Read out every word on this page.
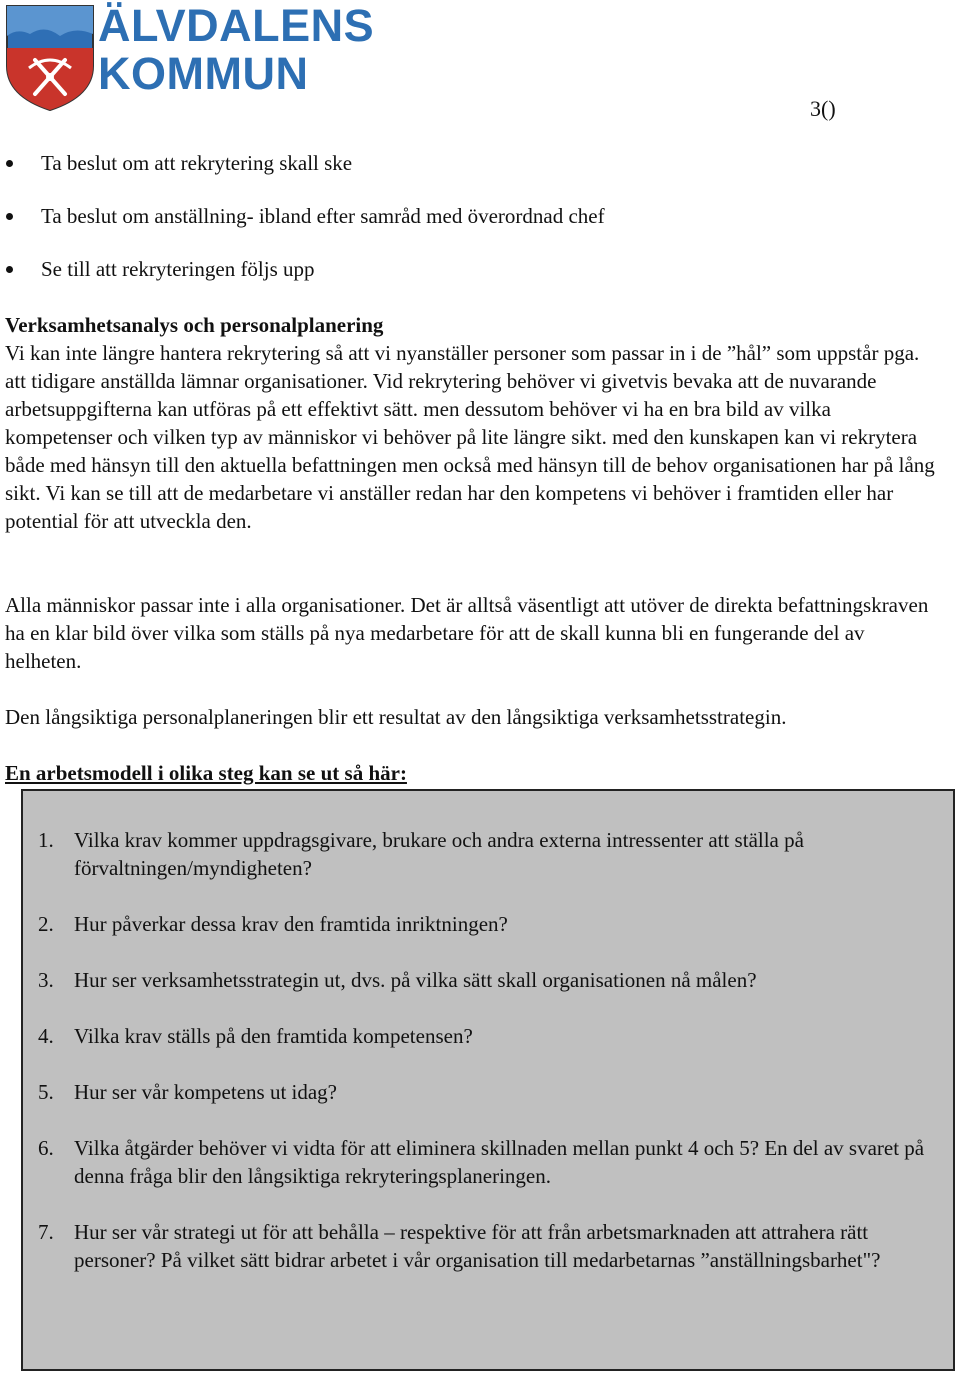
ÄLVDALENS
KOMMUN
3()
Ta beslut om att rekrytering skall ske
Ta beslut om anställning- ibland efter samråd med överordnad chef
Se till att rekryteringen följs upp
Verksamhetsanalys och personalplanering
Vi kan inte längre hantera rekrytering så att vi nyanställer personer som passar in i de ”hål” som uppstår pga. att tidigare anställda lämnar organisationer. Vid rekrytering behöver vi givetvis bevaka att de nuvarande arbetsuppgifterna kan utföras på ett effektivt sätt. men dessutom behöver vi ha en bra bild av vilka kompetenser och vilken typ av människor vi behöver på lite längre sikt. med den kunskapen kan vi rekrytera både med hänsyn till den aktuella befattningen men också med hänsyn till de behov organisationen har på lång sikt. Vi kan se till att de medarbetare vi anställer redan har den kompetens vi behöver i framtiden eller har potential för att utveckla den.

Alla människor passar inte i alla organisationer. Det är alltså väsentligt att utöver de direkta befattningskraven ha en klar bild över vilka som ställs på nya medarbetare för att de skall kunna bli en fungerande del av helheten.

Den långsiktiga personalplaneringen blir ett resultat av den långsiktiga verksamhetsstrategin.

En arbetsmodell i olika steg kan se ut så här:

1. Vilka krav kommer uppdragsgivare, brukare och andra externa intressenter att ställa på förvaltningen/myndigheten?
2. Hur påverkar dessa krav den framtida inriktningen?
3. Hur ser verksamhetsstrategin ut, dvs. på vilka sätt skall organisationen nå målen?
4. Vilka krav ställs på den framtida kompetensen?
5. Hur ser vår kompetens ut idag?
6. Vilka åtgärder behöver vi vidta för att eliminera skillnaden mellan punkt 4 och 5? En del av svaret på denna fråga blir den långsiktiga rekryteringsplaneringen.
7. Hur ser vår strategi ut för att behålla – respektive för att från arbetsmarknaden att attrahera rätt personer? På vilket sätt bidrar arbetet i vår organisation till medarbetarnas ”anställningsbarhet"?
